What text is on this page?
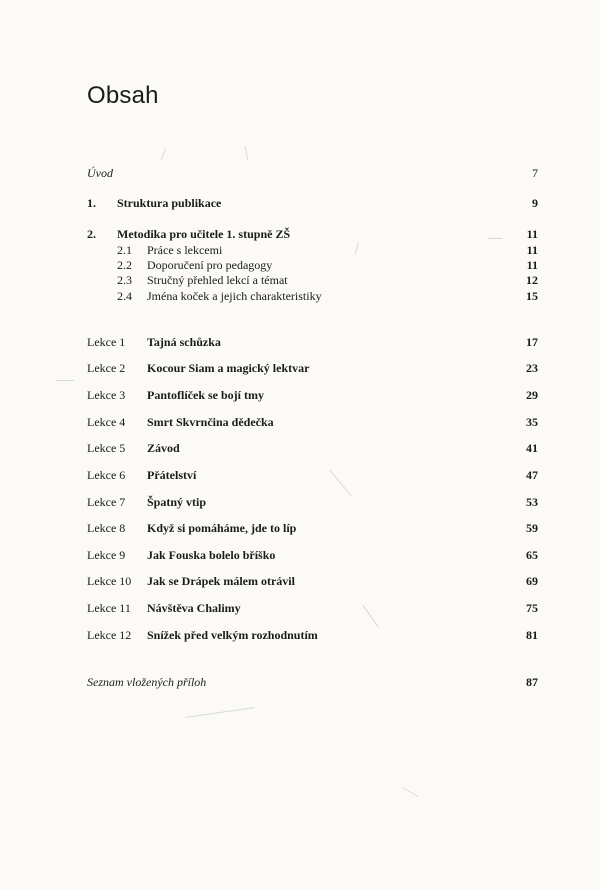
Obsah
Úvod	7
1. Struktura publikace	9
2. Metodika pro učitele 1. stupně ZŠ	11
2.1 Práce s lekcemi	11
2.2 Doporučení pro pedagogy	11
2.3 Stručný přehled lekcí a témat	12
2.4 Jména koček a jejich charakteristiky	15
Lekce 1 Tajná schůzka	17
Lekce 2 Kocour Siam a magický lektvar	23
Lekce 3 Pantoflíček se bojí tmy	29
Lekce 4 Smrt Skvrnčina dědečka	35
Lekce 5 Závod	41
Lekce 6 Přátelství	47
Lekce 7 Špatný vtip	53
Lekce 8 Když si pomáháme, jde to líp	59
Lekce 9 Jak Fouska bolelo bříško	65
Lekce 10 Jak se Drápek málem otrávil	69
Lekce 11 Návštěva Chalimy	75
Lekce 12 Snížek před velkým rozhodnutím	81
Seznam vložených příloh	87
